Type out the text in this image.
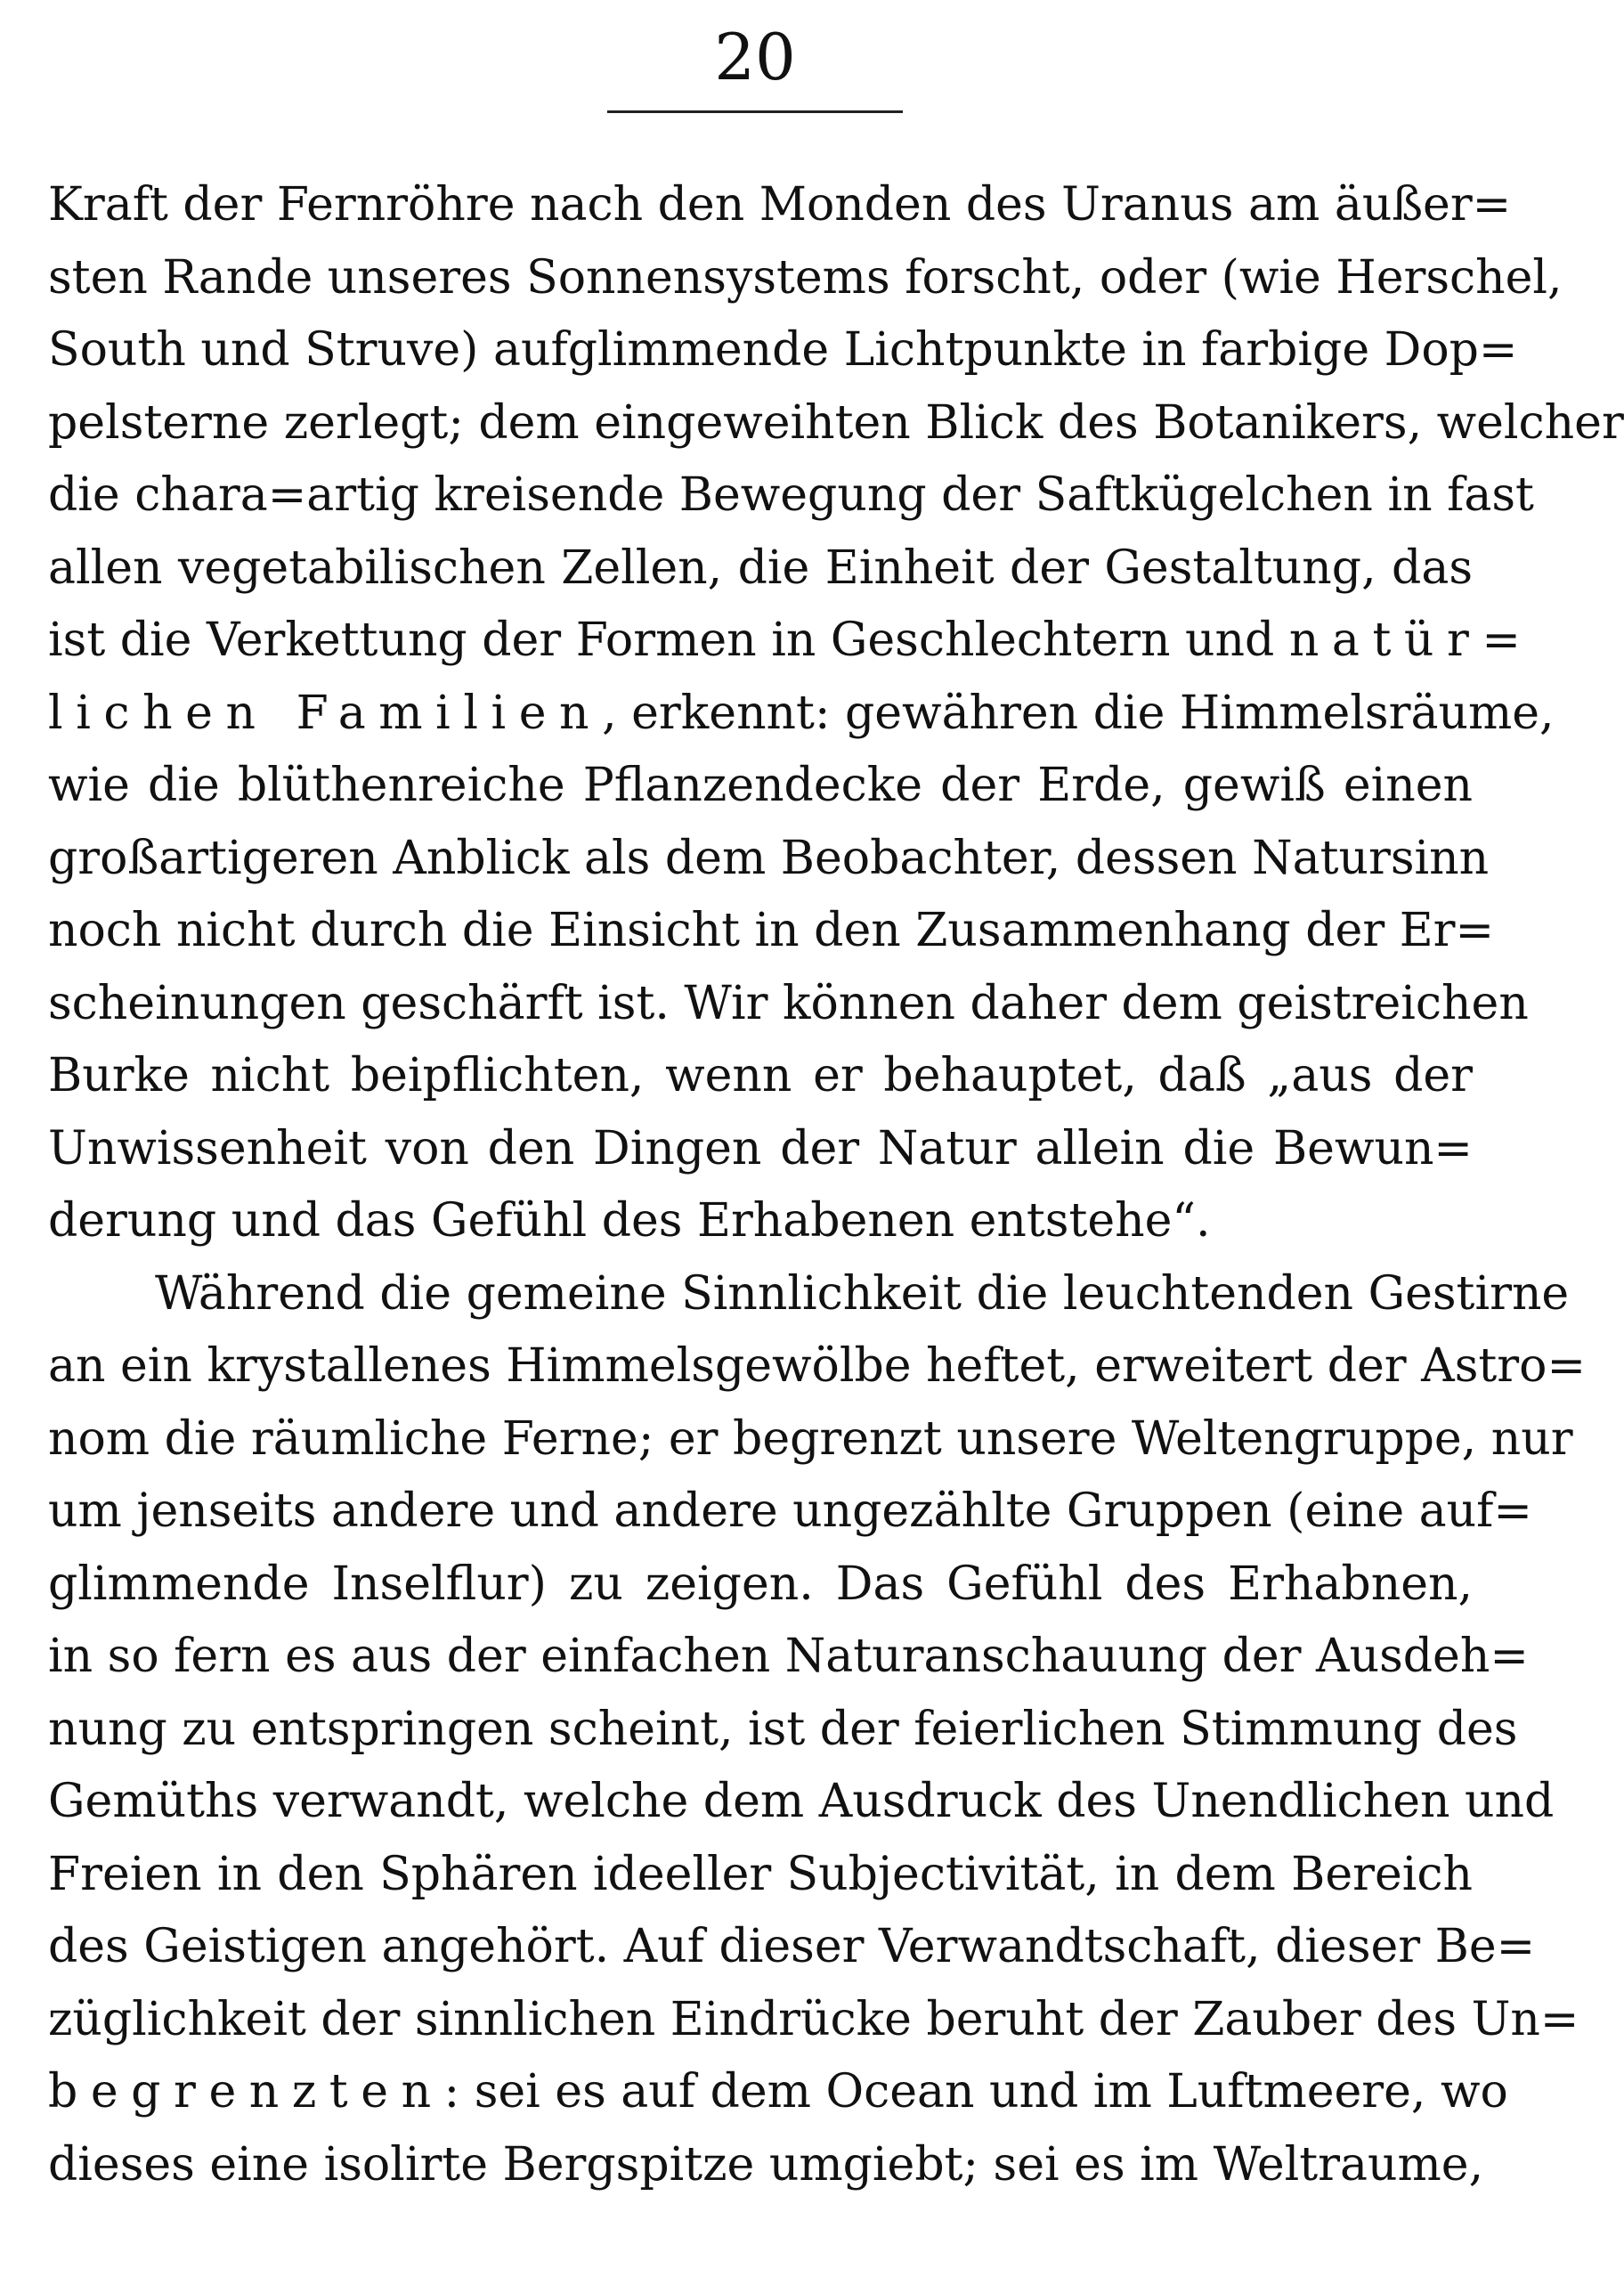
20
Kraft der Fernröhre nach den Monden des Uranus am äußer=
sten Rande unseres Sonnensystems forscht, oder (wie Herschel,
South und Struve) aufglimmende Lichtpunkte in farbige Dop=
pelsterne zerlegt; dem eingeweihten Blick des Botanikers, welcher
die chara=artig kreisende Bewegung der Saftkügelchen in fast
allen vegetabilischen Zellen, die Einheit der Gestaltung, das
ist die Verkettung der Formen in Geschlechtern und natür=
lichen Familien, erkennt: gewähren die Himmelsräume,
wie die blüthenreiche Pflanzendecke der Erde, gewiß einen
großartigeren Anblick als dem Beobachter, dessen Natursinn
noch nicht durch die Einsicht in den Zusammenhang der Er=
scheinungen geschärft ist. Wir können daher dem geistreichen
Burke nicht beipflichten, wenn er behauptet, daß „aus der
Unwissenheit von den Dingen der Natur allein die Bewun=
derung und das Gefühl des Erhabenen entstehe“.
Während die gemeine Sinnlichkeit die leuchtenden Gestirne
an ein krystallenes Himmelsgewölbe heftet, erweitert der Astro=
nom die räumliche Ferne; er begrenzt unsere Weltengruppe, nur
um jenseits andere und andere ungezählte Gruppen (eine auf=
glimmende Inselflur) zu zeigen. Das Gefühl des Erhabnen,
in so fern es aus der einfachen Naturanschauung der Ausdeh=
nung zu entspringen scheint, ist der feierlichen Stimmung des
Gemüths verwandt, welche dem Ausdruck des Unendlichen und
Freien in den Sphären ideeller Subjectivität, in dem Bereich
des Geistigen angehört. Auf dieser Verwandtschaft, dieser Be=
züglichkeit der sinnlichen Eindrücke beruht der Zauber des Un=
begrenzten: sei es auf dem Ocean und im Luftmeere, wo
dieses eine isolirte Bergspitze umgiebt; sei es im Weltraume,
